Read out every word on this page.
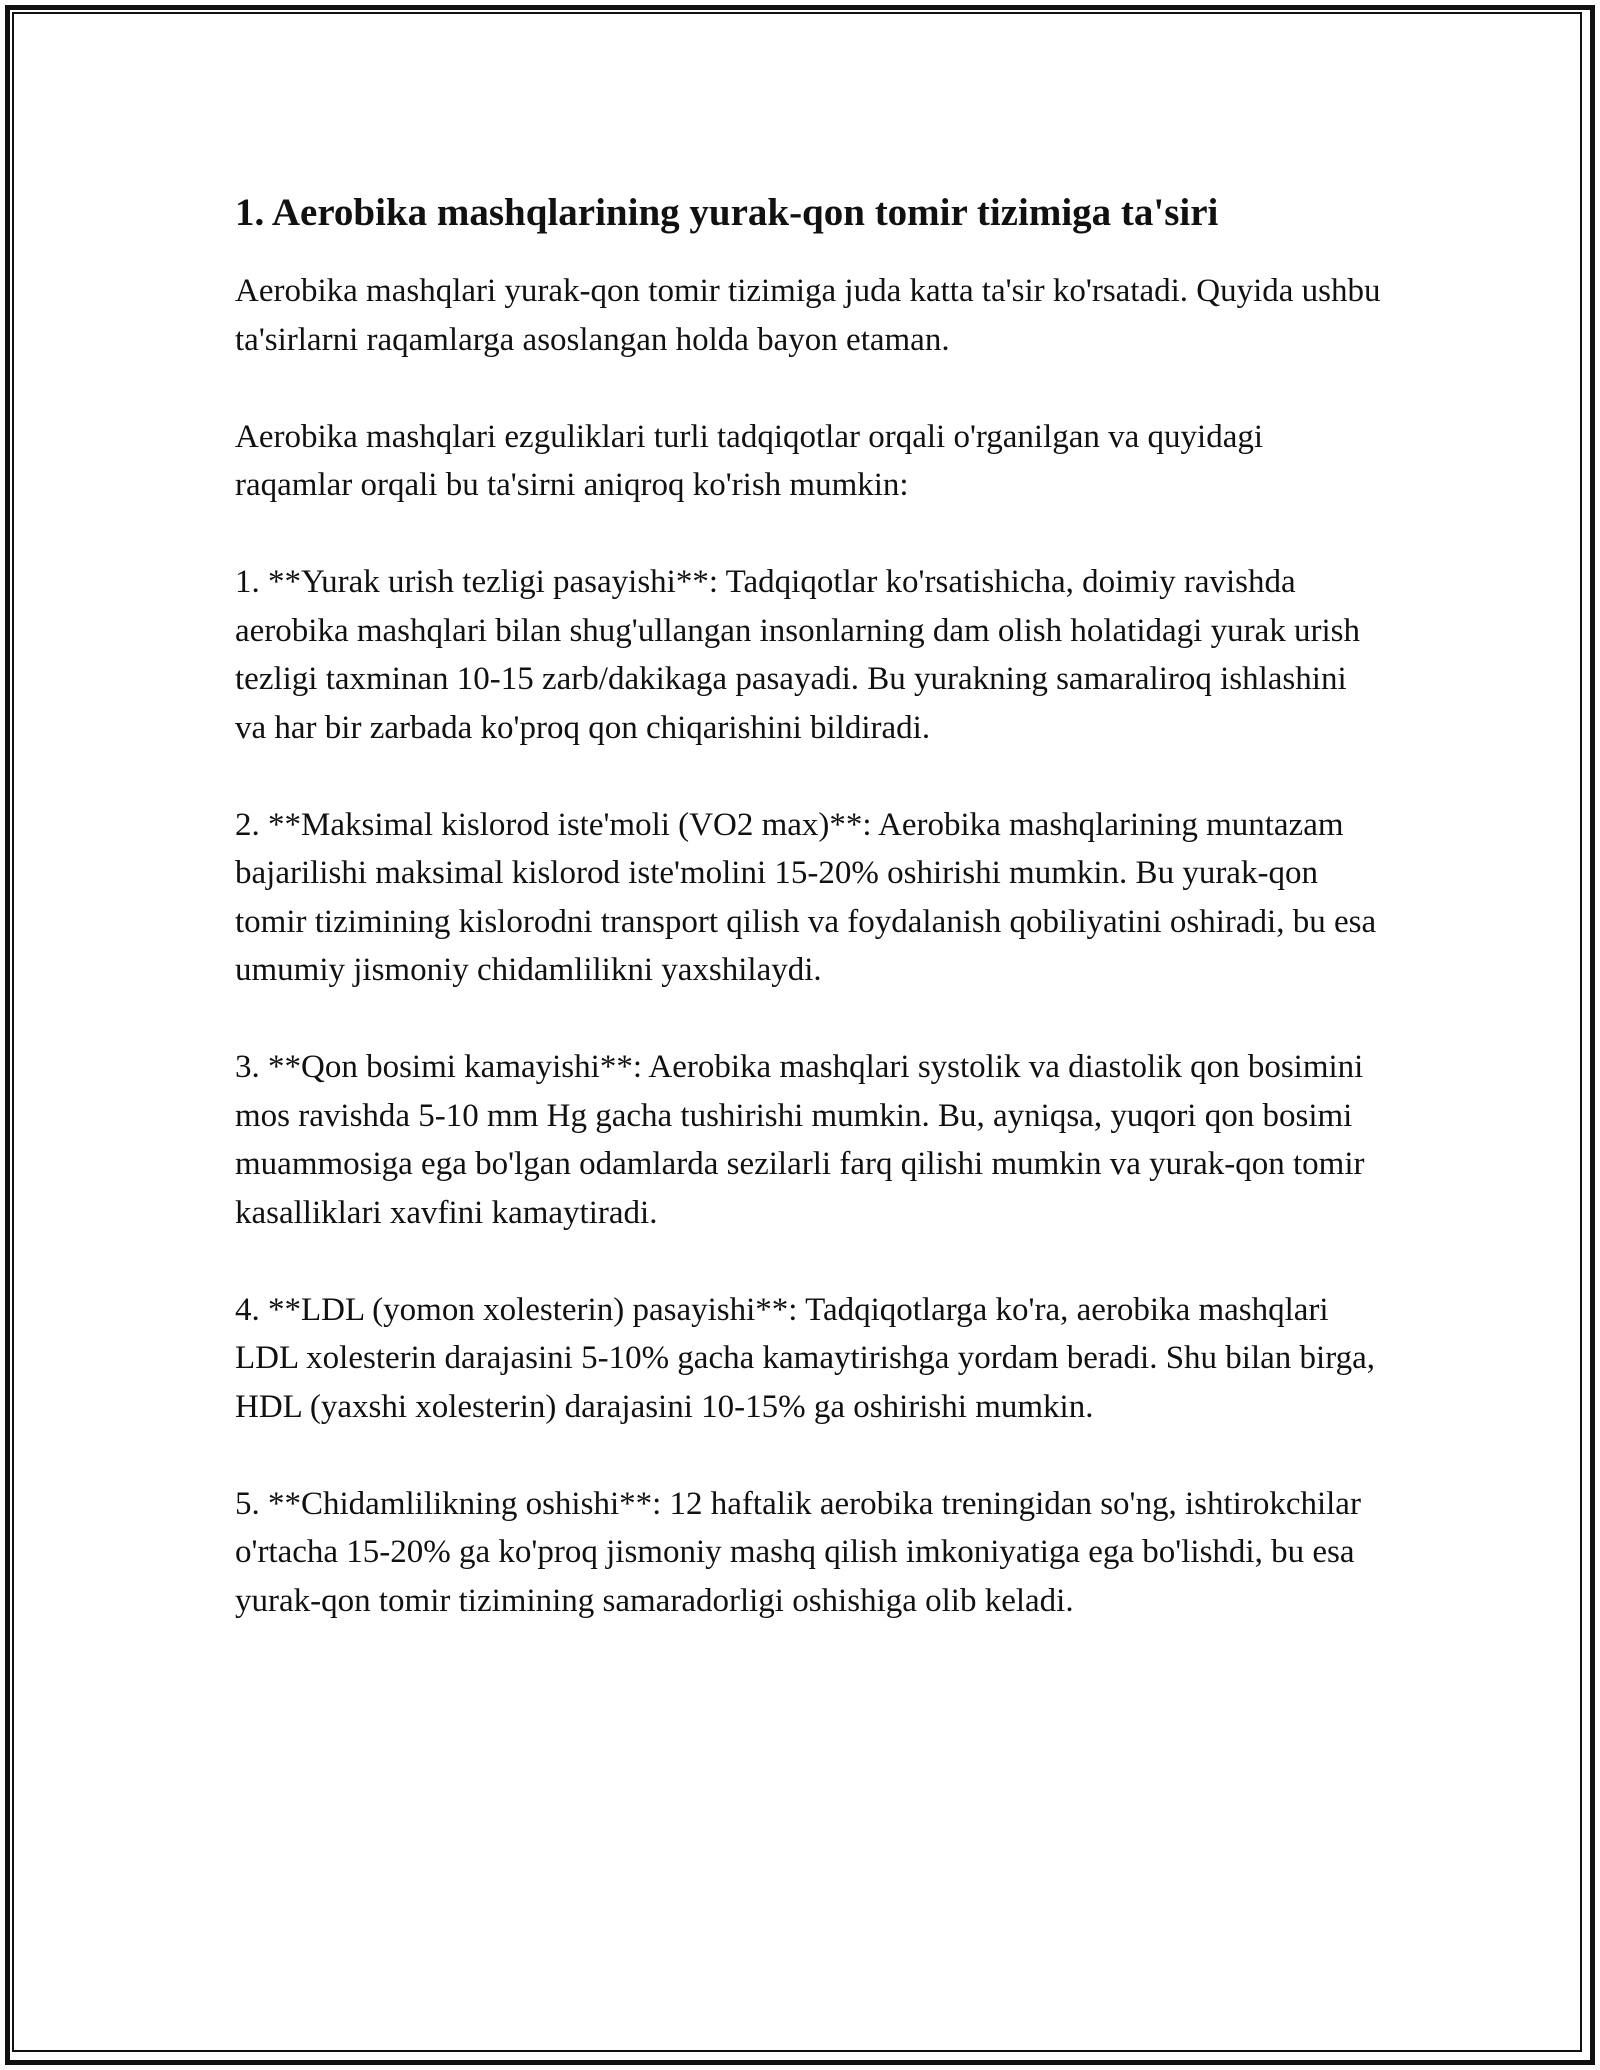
1. Aerobika mashqlarining yurak-qon tomir tizimiga ta'siri

Aerobika mashqlari yurak-qon tomir tizimiga juda katta ta'sir ko'rsatadi. Quyida ushbu ta'sirlarni raqamlarga asoslangan holda bayon etaman.

Aerobika mashqlari ezguliklari turli tadqiqotlar orqali o'rganilgan va quyidagi raqamlar orqali bu ta'sirni aniqroq ko'rish mumkin:

1. **Yurak urish tezligi pasayishi**: Tadqiqotlar ko'rsatishicha, doimiy ravishda aerobika mashqlari bilan shug'ullangan insonlarning dam olish holatidagi yurak urish tezligi taxminan 10-15 zarb/dakikaga pasayadi. Bu yurakning samaraliroq ishlashini va har bir zarbada ko'proq qon chiqarishini bildiradi.

2. **Maksimal kislorod iste'moli (VO2 max)**: Aerobika mashqlarining muntazam bajarilishi maksimal kislorod iste'molini 15-20% oshirishi mumkin. Bu yurak-qon tomir tizimining kislorodni transport qilish va foydalanish qobiliyatini oshiradi, bu esa umumiy jismoniy chidamlilikni yaxshilaydi.

3. **Qon bosimi kamayishi**: Aerobika mashqlari systolik va diastolik qon bosimini mos ravishda 5-10 mm Hg gacha tushirishi mumkin. Bu, ayniqsa, yuqori qon bosimi muammosiga ega bo'lgan odamlarda sezilarli farq qilishi mumkin va yurak-qon tomir kasalliklari xavfini kamaytiradi.

4. **LDL (yomon xolesterin) pasayishi**: Tadqiqotlarga ko'ra, aerobika mashqlari LDL xolesterin darajasini 5-10% gacha kamaytirishga yordam beradi. Shu bilan birga, HDL (yaxshi xolesterin) darajasini 10-15% ga oshirishi mumkin.

5. **Chidamlilikning oshishi**: 12 haftalik aerobika treningidan so'ng, ishtirokchilar o'rtacha 15-20% ga ko'proq jismoniy mashq qilish imkoniyatiga ega bo'lishdi, bu esa yurak-qon tomir tizimining samaradorligi oshishiga olib keladi.
